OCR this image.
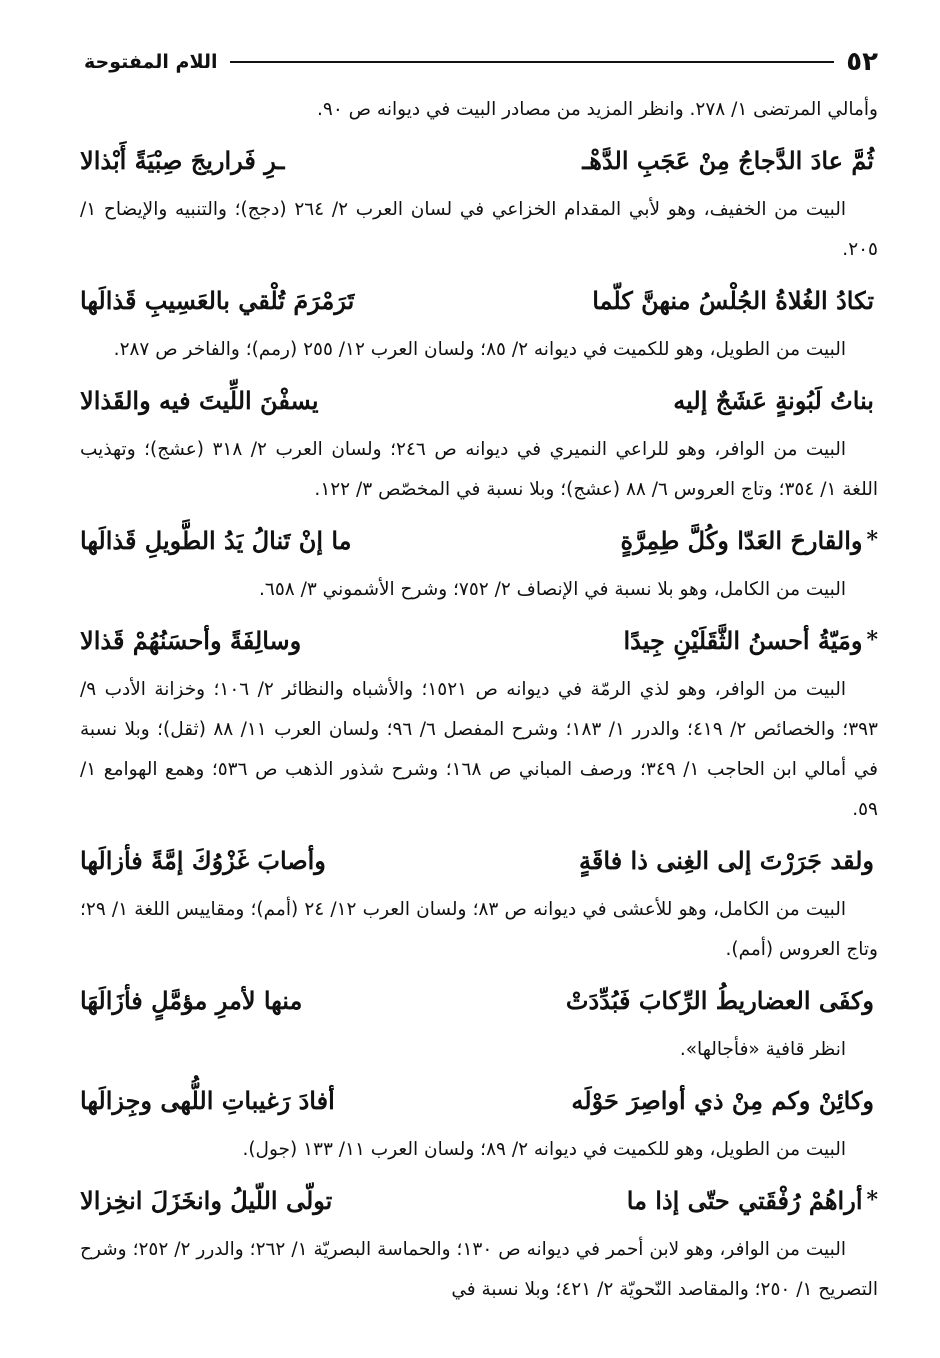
٥٢
اللام المفتوحة

وأمالي المرتضى ١/ ٢٧٨. وانظر المزيد من مصادر البيت في ديوانه ص ٩٠.

ثُمَّ عادَ الدَّجاجُ مِنْ عَجَبِ الدَّهْـ
ـرِ فَراريجَ صِبْيَةً أَبْذالا

البيت من الخفيف، وهو لأبي المقدام الخزاعي في لسان العرب ٢/ ٢٦٤ (دجج)؛ والتنبيه والإيضاح ١/ ٢٠٥.

تكادُ الغُلاةُ الجُلْسُ منهنَّ كلّما
تَرَمْرَمَ تُلْقي بالعَسِيبِ قَذالَها

البيت من الطويل، وهو للكميت في ديوانه ٢/ ٨٥؛ ولسان العرب ١٢/ ٢٥٥ (رمم)؛ والفاخر ص ٢٨٧.

بناتُ لَبُونةٍ عَشَجٌ إليه
يسفْنَ اللِّيتَ فيه والقَذالا

البيت من الوافر، وهو للراعي النميري في ديوانه ص ٢٤٦؛ ولسان العرب ٢/ ٣١٨ (عشج)؛ وتهذيب اللغة ١/ ٣٥٤؛ وتاج العروس ٦/ ٨٨ (عشج)؛ وبلا نسبة في المخصّص ٣/ ١٢٢.

*
والقارحَ العَدّا وكُلَّ طِمِرَّةٍ
ما إنْ تَنالُ يَدُ الطَّويلِ قَذالَها

البيت من الكامل، وهو بلا نسبة في الإنصاف ٢/ ٧٥٢؛ وشرح الأشموني ٣/ ٦٥٨.

*
ومَيّةُ أحسنُ الثَّقَلَيْنِ جِيدًا
وسالِفَةً وأحسَنُهُمْ قَذالا

البيت من الوافر، وهو لذي الرمّة في ديوانه ص ١٥٢١؛ والأشباه والنظائر ٢/ ١٠٦؛ وخزانة الأدب ٩/ ٣٩٣؛ والخصائص ٢/ ٤١٩؛ والدرر ١/ ١٨٣؛ وشرح المفصل ٦/ ٩٦؛ ولسان العرب ١١/ ٨٨ (ثقل)؛ وبلا نسبة في أمالي ابن الحاجب ١/ ٣٤٩؛ ورصف المباني ص ١٦٨؛ وشرح شذور الذهب ص ٥٣٦؛ وهمع الهوامع ١/ ٥٩.

ولقد جَرَرْتَ إلى الغِنى ذا فاقَةٍ
وأصابَ غَزْوُكَ إمَّةً فأزالَها

البيت من الكامل، وهو للأعشى في ديوانه ص ٨٣؛ ولسان العرب ١٢/ ٢٤ (أمم)؛ ومقاييس اللغة ١/ ٢٩؛ وتاج العروس (أمم).

وكفَى العضاريطُ الرِّكابَ فَبُدِّدَتْ
منها لأمرِ مؤمَّلٍ فأزَالَهَا

انظر قافية «فأجالها».

وكائِنْ وكم مِنْ ذي أواصِرَ حَوْلَه
أفادَ رَغيباتِ اللُّهى وجِزالَها

البيت من الطويل، وهو للكميت في ديوانه ٢/ ٨٩؛ ولسان العرب ١١/ ١٣٣ (جول).

*
أراهُمْ رُفْقَتي حتّى إذا ما
تولّى اللّيلُ وانخَزَلَ انخِزالا

البيت من الوافر، وهو لابن أحمر في ديوانه ص ١٣٠؛ والحماسة البصريّة ١/ ٢٦٢؛ والدرر ٢/ ٢٥٢؛ وشرح التصريح ١/ ٢٥٠؛ والمقاصد النّحويّة ٢/ ٤٢١؛ وبلا نسبة في
